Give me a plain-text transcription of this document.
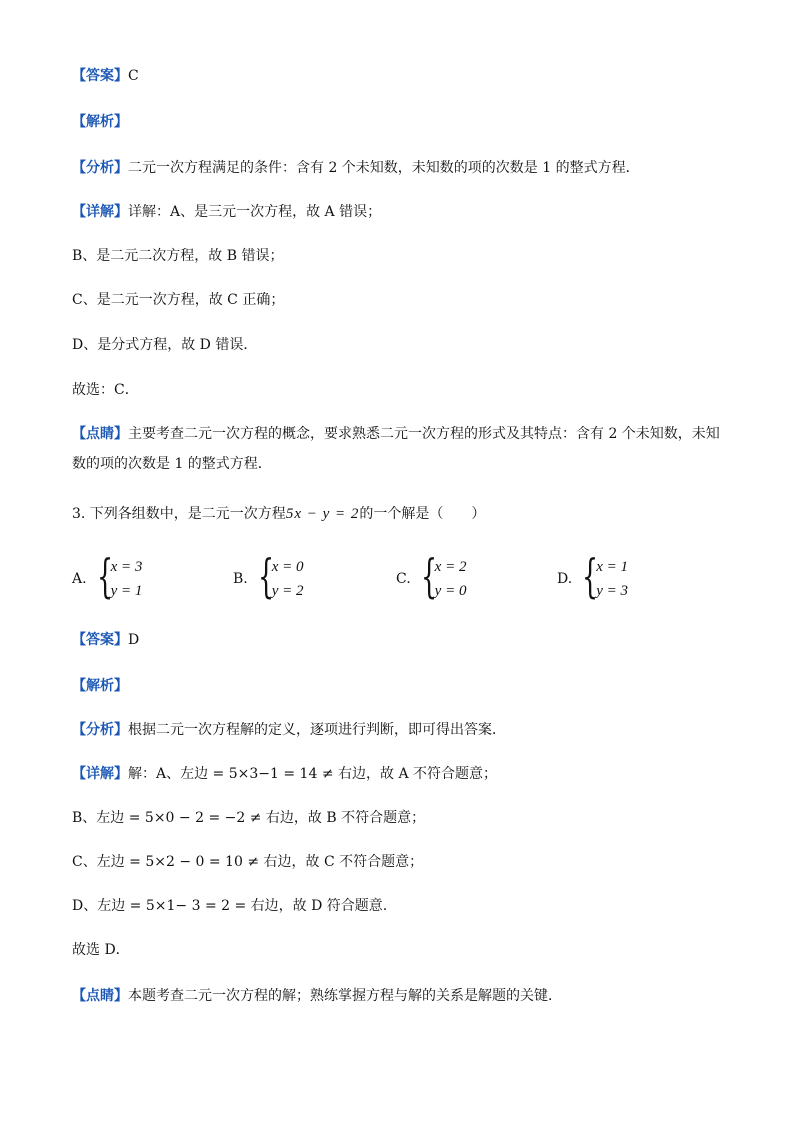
【答案】C
【解析】
【分析】二元一次方程满足的条件：含有 2 个未知数，未知数的项的次数是 1 的整式方程．
【详解】详解：A、是三元一次方程，故 A 错误；
B、是二元二次方程，故 B 错误；
C、是二元一次方程，故 C 正确；
D、是分式方程，故 D 错误．
故选：C．
【点睛】主要考查二元一次方程的概念，要求熟悉二元一次方程的形式及其特点：含有 2 个未知数，未知
数的项的次数是 1 的整式方程．
3. 下列各组数中，是二元一次方程5x − y = 2的一个解是（　　）
A. {
x = 3
y = 1
B. {
x = 0
y = 2
C. {
x = 2
y = 0
D. {
x = 1
y = 3
【答案】D
【解析】
【分析】根据二元一次方程解的定义，逐项进行判断，即可得出答案．
【详解】解：A、左边 = 5×3−1 = 14 ≠ 右边，故 A 不符合题意；
B、左边 = 5×0 − 2 = −2 ≠ 右边，故 B 不符合题意；
C、左边 = 5×2 − 0 = 10 ≠ 右边，故 C 不符合题意；
D、左边 = 5×1− 3 = 2 = 右边，故 D 符合题意.
故选 D．
【点睛】本题考查二元一次方程的解；熟练掌握方程与解的关系是解题的关键．
